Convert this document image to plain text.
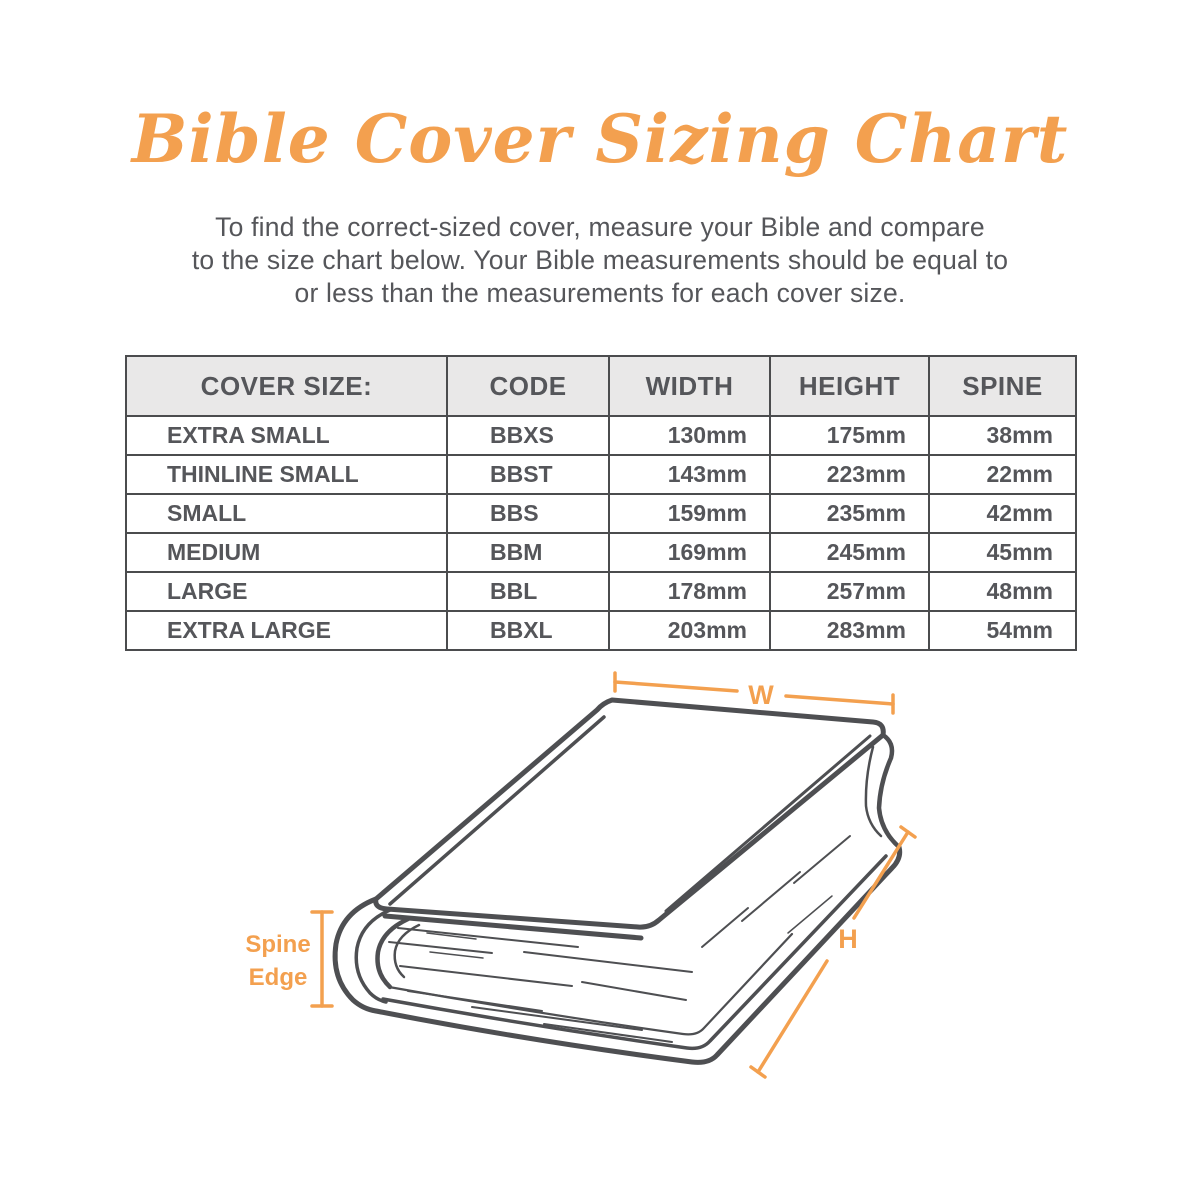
Bible Cover Sizing Chart
To find the correct-sized cover, measure your Bible and compare
to the size chart below. Your Bible measurements should be equal to
or less than the measurements for each cover size.
COVER SIZE:	CODE	WIDTH	HEIGHT	SPINE
EXTRA SMALL	BBXS	130mm	175mm	38mm
THINLINE SMALL	BBST	143mm	223mm	22mm
SMALL	BBS	159mm	235mm	42mm
MEDIUM	BBM	169mm	245mm	45mm
LARGE	BBL	178mm	257mm	48mm
EXTRA LARGE	BBXL	203mm	283mm	54mm
W
H
Spine Edge
